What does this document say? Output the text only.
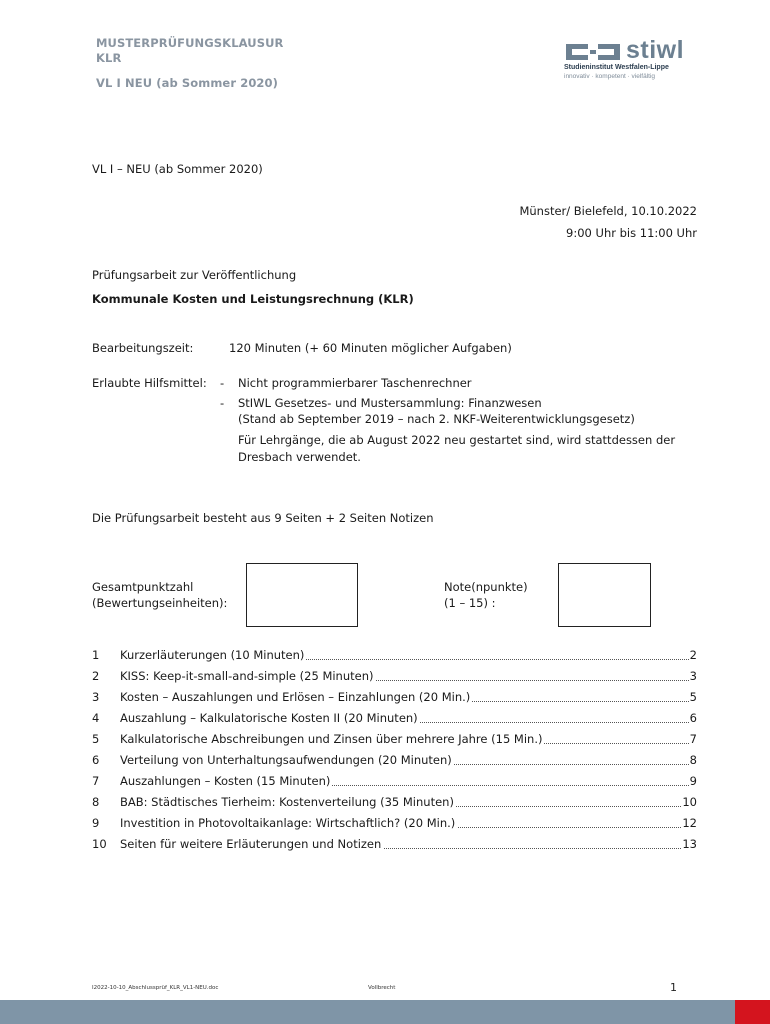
MUSTERPRÜFUNGSKLAUSUR
KLR
VL I NEU (ab Sommer 2020)
stiwl
Studieninstitut Westfalen-Lippe
innovativ · kompetent · vielfältig
VL I – NEU (ab Sommer 2020)
Münster/ Bielefeld, 10.10.2022
9:00 Uhr bis 11:00 Uhr
Prüfungsarbeit zur Veröffentlichung
Kommunale Kosten und Leistungsrechnung (KLR)
Bearbeitungszeit:	120 Minuten (+ 60 Minuten möglicher Aufgaben)
Erlaubte Hilfsmittel: - Nicht programmierbarer Taschenrechner
- StIWL Gesetzes- und Mustersammlung: Finanzwesen
(Stand ab September 2019 – nach 2. NKF-Weiterentwicklungsgesetz)
Für Lehrgänge, die ab August 2022 neu gestartet sind, wird stattdessen der
Dresbach verwendet.
Die Prüfungsarbeit besteht aus 9 Seiten + 2 Seiten Notizen
Gesamtpunktzahl
(Bewertungseinheiten):
Note(npunkte)
(1 – 15) :
1	Kurzerläuterungen (10 Minuten)	2
2	KISS: Keep-it-small-and-simple (25 Minuten)	3
3	Kosten – Auszahlungen und Erlösen – Einzahlungen (20 Min.)	5
4	Auszahlung – Kalkulatorische Kosten II (20 Minuten)	6
5	Kalkulatorische Abschreibungen und Zinsen über mehrere Jahre (15 Min.)	7
6	Verteilung von Unterhaltungsaufwendungen (20 Minuten)	8
7	Auszahlungen – Kosten (15 Minuten)	9
8	BAB: Städtisches Tierheim: Kostenverteilung (35 Minuten)	10
9	Investition in Photovoltaikanlage: Wirtschaftlich? (20 Min.)	12
10	Seiten für weitere Erläuterungen und Notizen	13
I2022-10-10_Abschlussprüf_KLR_VL1-NEU.doc	Vollbrecht	1
